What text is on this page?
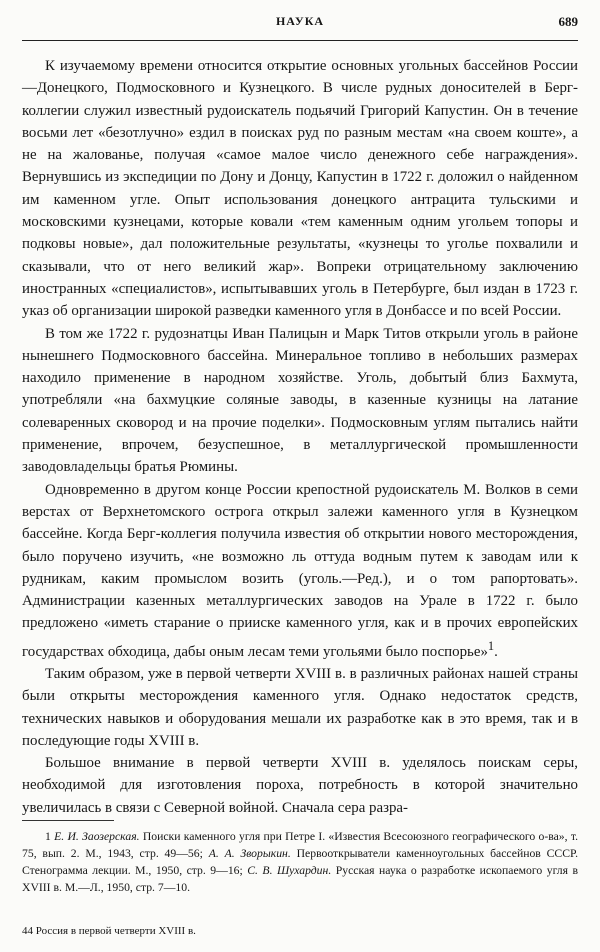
НАУКА	689

К изучаемому времени относится открытие основных угольных бассейнов России—Донецкого, Подмосковного и Кузнецкого. В числе рудных доносителей в Берг-коллегии служил известный рудоискатель подьячий Григорий Капустин. Он в течение восьми лет «безотлучно» ездил в поисках руд по разным местам «на своем коште», а не на жалованье, получая «самое малое число денежного себе награждения». Вернувшись из экспедиции по Дону и Донцу, Капустин в 1722 г. доложил о найденном им каменном угле. Опыт использования донецкого антрацита тульскими и московскими кузнецами, которые ковали «тем каменным одним угольем топоры и подковы новые», дал положительные результаты, «кузнецы то уголье похвалили и сказывали, что от него великий жар». Вопреки отрицательному заключению иностранных «специалистов», испытывавших уголь в Петербурге, был издан в 1723 г. указ об организации широкой разведки каменного угля в Донбассе и по всей России.

В том же 1722 г. рудознатцы Иван Палицын и Марк Титов открыли уголь в районе нынешнего Подмосковного бассейна. Минеральное топливо в небольших размерах находило применение в народном хозяйстве. Уголь, добытый близ Бахмута, употребляли «на бахмуцкие соляные заводы, в казенные кузницы на латание солеваренных сковород и на прочие поделки». Подмосковным углям пытались найти применение, впрочем, безуспешное, в металлургической промышленности заводовладельцы братья Рюмины.

Одновременно в другом конце России крепостной рудоискатель М. Волков в семи верстах от Верхнетомского острога открыл залежи каменного угля в Кузнецком бассейне. Когда Берг-коллегия получила известия об открытии нового месторождения, было поручено изучить, «не возможно ль оттуда водным путем к заводам или к рудникам, каким промыслом возить (уголь.—Ред.), и о том рапортовать». Администрации казенных металлургических заводов на Урале в 1722 г. было предложено «иметь старание о прииске каменного угля, как и в прочих европейских государствах обходица, дабы оным лесам теми угольями было поспорье»$^1$.

Таким образом, уже в первой четверти XVIII в. в различных районах нашей страны были открыты месторождения каменного угля. Однако недостаток средств, технических навыков и оборудования мешали их разработке как в это время, так и в последующие годы XVIII в.

Большое внимание в первой четверти XVIII в. уделялось поискам серы, необходимой для изготовления пороха, потребность в которой значительно увеличилась в связи с Северной войной. Сначала сера разра-

1 Е. И. Заозерская. Поиски каменного угля при Петре I. «Известия Всесоюзного географического о-ва», т. 75, вып. 2. М., 1943, стр. 49—56; А. А. Зворыкин. Первооткрыватели каменноугольных бассейнов СССР. Стенограмма лекции. М., 1950, стр. 9—16; С. В. Шухардин. Русская наука о разработке ископаемого угля в XVIII в. М.—Л., 1950, стр. 7—10.

44 Россия в первой четверти XVIII в.
